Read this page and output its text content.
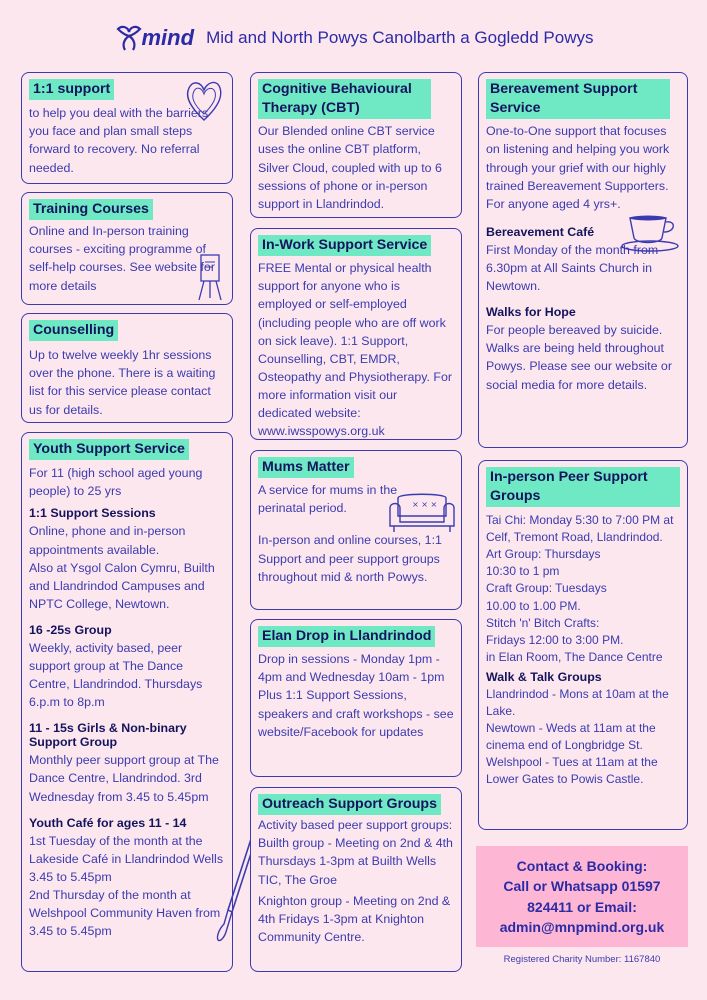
mind Mid and North Powys Canolbarth a Gogledd Powys
1:1 support

to help you deal with the barriers you face and plan small steps forward to recovery. No referral needed.

Training Courses

Online and In-person training courses - exciting programme of self-help courses. See website for more details

Counselling

Up to twelve weekly 1hr sessions over the phone. There is a waiting list for this service please contact us for details.

Youth Support Service

For 11 (high school aged young people) to 25 yrs

1:1 Support Sessions

Online, phone and in-person appointments available.
Also at Ysgol Calon Cymru, Builth and Llandrindod Campuses and NPTC College, Newtown.

16 -25s Group

Weekly, activity based, peer support group at The Dance Centre, Llandrindod. Thursdays 6.p.m to 8p.m

11 - 15s Girls & Non-binary Support Group

Monthly peer support group at The Dance Centre, Llandrindod. 3rd Wednesday from 3.45 to 5.45pm

Youth Café for ages 11 - 14

1st Tuesday of the month at the Lakeside Café in Llandrindod Wells 3.45 to 5.45pm
2nd Thursday of the month at Welshpool Community Haven from 3.45 to 5.45pm

Cognitive Behavioural Therapy (CBT)

Our Blended online CBT service uses the online CBT platform, Silver Cloud, coupled with up to 6 sessions of phone or in-person support in Llandrindod.

In-Work Support Service

FREE Mental or physical health support for anyone who is employed or self-employed (including people who are off work on sick leave). 1:1 Support, Counselling, CBT, EMDR, Osteopathy and Physiotherapy. For more information visit our dedicated website: www.iwsspowys.org.uk

Mums Matter

A service for mums in the perinatal period.

In-person and online courses, 1:1 Support and peer support groups throughout mid & north Powys.

× × ×
Elan Drop in Llandrindod

Drop in sessions - Monday 1pm - 4pm and Wednesday 10am - 1pm

Plus 1:1 Support Sessions, speakers and craft workshops - see website/Facebook for updates

Outreach Support Groups

Activity based peer support groups:

Builth group - Meeting on 2nd & 4th Thursdays 1-3pm at Builth Wells TIC, The Groe

Knighton group - Meeting on 2nd & 4th Fridays 1-3pm at Knighton Community Centre.

Bereavement Support Service

One-to-One support that focuses on listening and helping you work through your grief with our highly trained Bereavement Supporters. For anyone aged 4 yrs+.

Bereavement Café

First Monday of the month from 6.30pm at All Saints Church in Newtown.

Walks for Hope

For people bereaved by suicide. Walks are being held throughout Powys. Please see our website or social media for more details.

In-person Peer Support Groups

Tai Chi: Monday 5:30 to 7:00 PM at Celf, Tremont Road, Llandrindod.
Art Group: Thursdays
10:30 to 1 pm
Craft Group: Tuesdays
10.00 to 1.00 PM.
Stitch 'n' Bitch Crafts:
Fridays 12:00 to 3:00 PM.
in Elan Room, The Dance Centre

Walk & Talk Groups

Llandrindod - Mons at 10am at the Lake.
Newtown - Weds at 11am at the cinema end of Longbridge St.
Welshpool - Tues at 11am at the Lower Gates to Powis Castle.

Contact & Booking:
Call or Whatsapp 01597
824411 or Email:
admin@mnpmind.org.uk
Registered Charity Number: 1167840
